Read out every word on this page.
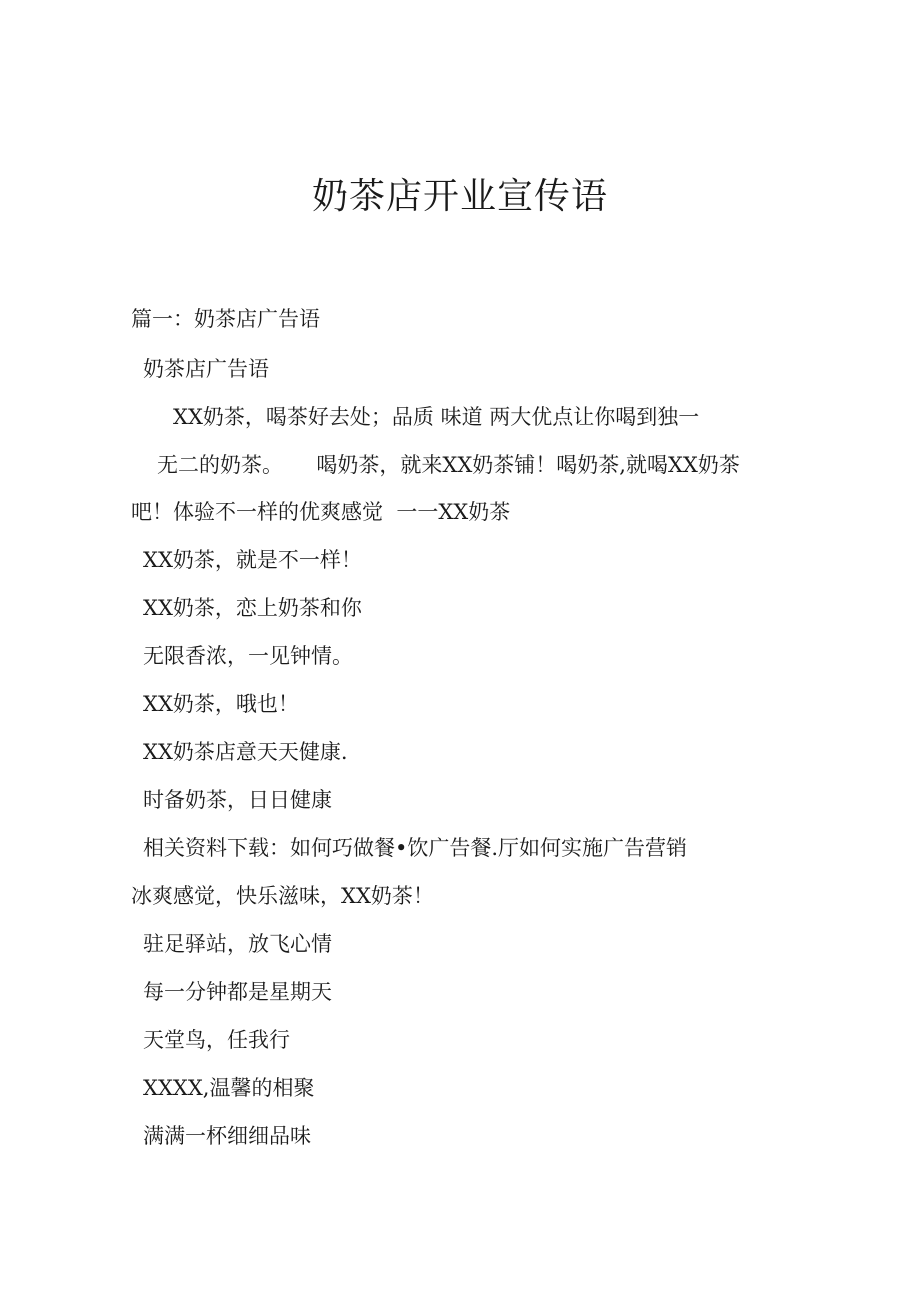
奶茶店开业宣传语
篇一：奶茶店广告语
奶茶店广告语
XX奶茶，喝茶好去处；品质 味道 两大优点让你喝到独一
无二的奶茶。     喝奶茶，就来XX奶茶铺！喝奶茶,就喝XX奶茶
吧！体验不一样的优爽感觉  一一XX奶茶
XX奶茶，就是不一样！
XX奶茶，恋上奶茶和你
无限香浓，一见钟情。
XX奶茶，哦也！
XX奶茶店意天天健康.
时备奶茶，日日健康
相关资料下载：如何巧做餐•饮广告餐.厅如何实施广告营销
冰爽感觉，快乐滋味，XX奶茶！
驻足驿站，放飞心情
每一分钟都是星期天
天堂鸟，任我行
XXXX,温馨的相聚
满满一杯细细品味
